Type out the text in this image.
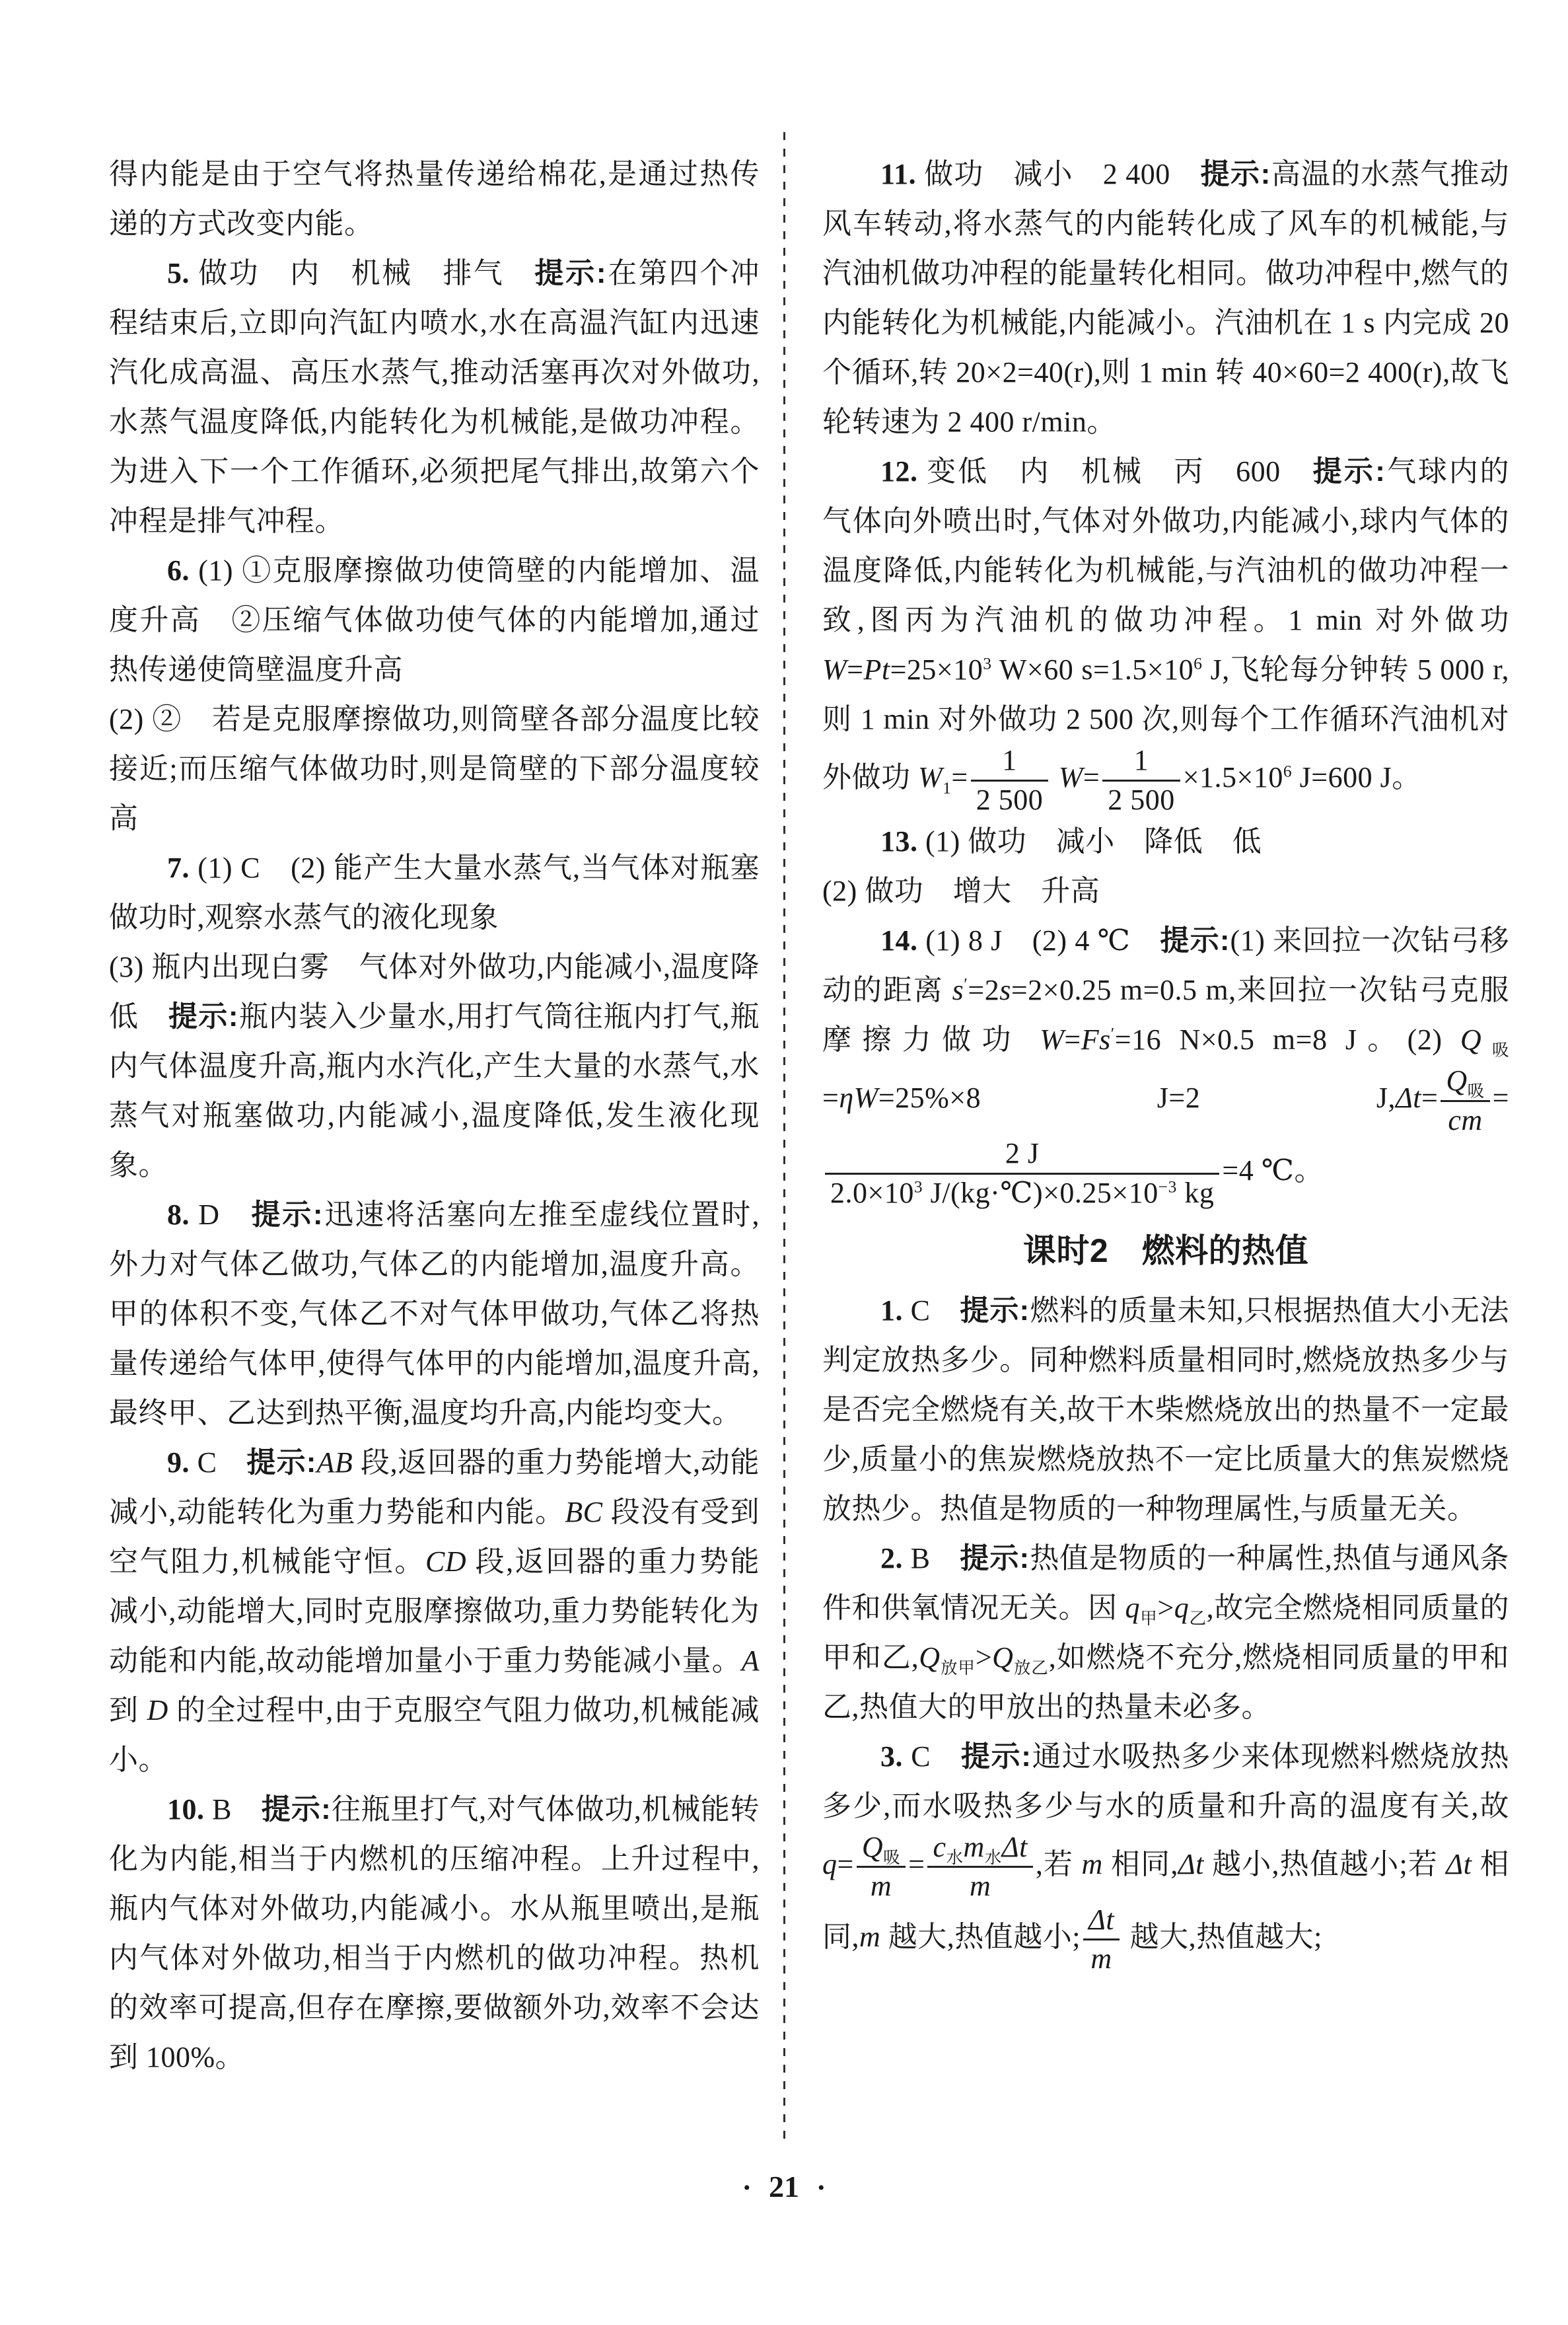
得内能是由于空气将热量传递给棉花,是通过热传递的方式改变内能。

5. 做功　内　机械　排气　提示:在第四个冲程结束后,立即向汽缸内喷水,水在高温汽缸内迅速汽化成高温、高压水蒸气,推动活塞再次对外做功,水蒸气温度降低,内能转化为机械能,是做功冲程。为进入下一个工作循环,必须把尾气排出,故第六个冲程是排气冲程。

6. (1) ①克服摩擦做功使筒壁的内能增加、温度升高　②压缩气体做功使气体的内能增加,通过热传递使筒壁温度升高
(2) ②　若是克服摩擦做功,则筒壁各部分温度比较接近;而压缩气体做功时,则是筒壁的下部分温度较高

7. (1) C　(2) 能产生大量水蒸气,当气体对瓶塞做功时,观察水蒸气的液化现象
(3) 瓶内出现白雾　气体对外做功,内能减小,温度降低　提示:瓶内装入少量水,用打气筒往瓶内打气,瓶内气体温度升高,瓶内水汽化,产生大量的水蒸气,水蒸气对瓶塞做功,内能减小,温度降低,发生液化现象。

8. D　提示:迅速将活塞向左推至虚线位置时,外力对气体乙做功,气体乙的内能增加,温度升高。甲的体积不变,气体乙不对气体甲做功,气体乙将热量传递给气体甲,使得气体甲的内能增加,温度升高,最终甲、乙达到热平衡,温度均升高,内能均变大。

9. C　提示:AB 段,返回器的重力势能增大,动能减小,动能转化为重力势能和内能。BC 段没有受到空气阻力,机械能守恒。CD 段,返回器的重力势能减小,动能增大,同时克服摩擦做功,重力势能转化为动能和内能,故动能增加量小于重力势能减小量。A 到 D 的全过程中,由于克服空气阻力做功,机械能减小。

10. B　提示:往瓶里打气,对气体做功,机械能转化为内能,相当于内燃机的压缩冲程。上升过程中,瓶内气体对外做功,内能减小。水从瓶里喷出,是瓶内气体对外做功,相当于内燃机的做功冲程。热机的效率可提高,但存在摩擦,要做额外功,效率不会达到 100%。

11. 做功　减小　2 400　提示:高温的水蒸气推动风车转动,将水蒸气的内能转化成了风车的机械能,与汽油机做功冲程的能量转化相同。做功冲程中,燃气的内能转化为机械能,内能减小。汽油机在 1 s 内完成 20 个循环,转 20×2=40(r),则 1 min 转 40×60=2 400(r),故飞轮转速为 2 400 r/min。

12. 变低　内　机械　丙　600　提示:气球内的气体向外喷出时,气体对外做功,内能减小,球内气体的温度降低,内能转化为机械能,与汽油机的做功冲程一致,图丙为汽油机的做功冲程。1 min 对外做功 $W=Pt=25\times 10^3$ W×60 $s=1.5\times 10^6$ J,飞轮每分钟转 5 000 r,则 1 min 对外做功 2 500 次,则每个工作循环汽油机对外做功 $W_1= \frac{1}{2 500} W= \frac{1}{2 500} \times 1.5\times 10^6$ J=600 J。

13. (1) 做功　减小　降低　低
(2) 做功　增大　升高

14. (1) 8 J　(2) 4 ℃　提示:(1) 来回拉一次钻弓移动的距离 s′=2s=2×0.25 m=0.5 m,来回拉一次钻弓克服摩擦力做功 W=Fs′=16 N×0.5 m=8 J。(2) $Q_吸=\eta W=25\%\times 8$ J=2 $J,\Delta t= \frac{Q_吸}{cm}$ =
$\frac{2 J}{2.0\times 10^3 J/(kg\cdot℃)\times 0.25\times 10^{-3} kg} =4$ ℃。

课时2　燃料的热值

1. C　提示:燃料的质量未知,只根据热值大小无法判定放热多少。同种燃料质量相同时,燃烧放热多少与是否完全燃烧有关,故干木柴燃烧放出的热量不一定最少,质量小的焦炭燃烧放热不一定比质量大的焦炭燃烧放热少。热值是物质的一种物理属性,与质量无关。

2. B　提示:热值是物质的一种属性,热值与通风条件和供氧情况无关。因 $q_甲>q_乙$,故完全燃烧相同质量的甲和乙$,Q_{放甲}>Q_{放乙}$,如燃烧不充分,燃烧相同质量的甲和乙,热值大的甲放出的热量未必多。

3. C　提示:通过水吸热多少来体现燃料燃烧放热多少,而水吸热多少与水的质量和升高的温度有关,故 $q= \frac{Q_吸}{m} = \frac{c_水m_水\Delta t}{m}$ ,若 m 相同,Δt 越小,热值越小;若 Δt 相同,m 越大,热值越小; $\frac{\Delta t}{m}$ 越大,热值越大;

• 21 •
